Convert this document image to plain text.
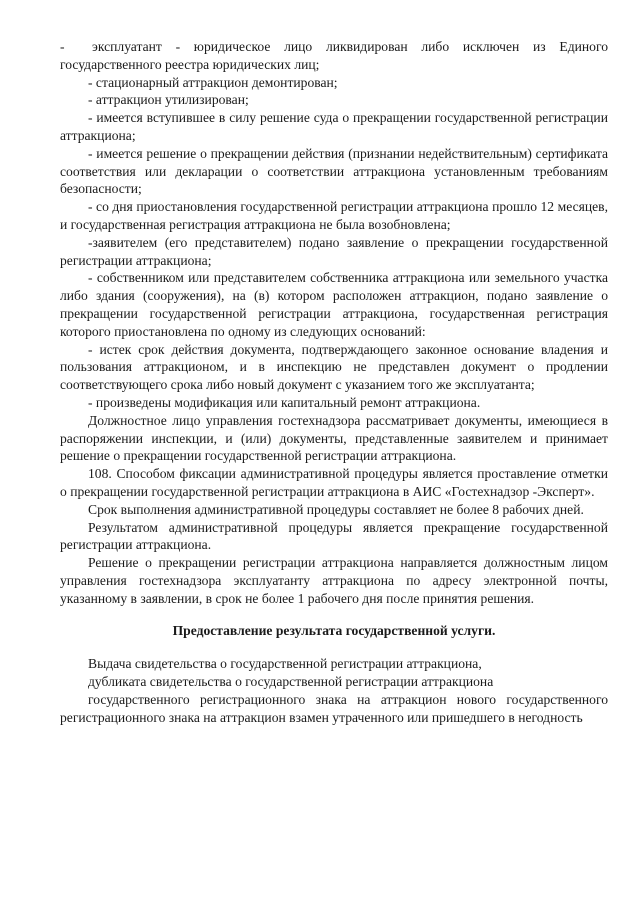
- эксплуатант - юридическое лицо ликвидирован либо исключен из Единого государственного реестра юридических лиц;

- стационарный аттракцион демонтирован;

- аттракцион утилизирован;

- имеется вступившее в силу решение суда о прекращении государственной регистрации аттракциона;

- имеется решение о прекращении действия (признании недействительным) сертификата соответствия или декларации о соответствии аттракциона установленным требованиям безопасности;

- со дня приостановления государственной регистрации аттракциона прошло 12 месяцев, и государственная регистрация аттракциона не была возобновлена;

-заявителем (его представителем) подано заявление о прекращении государственной регистрации аттракциона;

- собственником или представителем собственника аттракциона или земельного участка либо здания (сооружения), на (в) котором расположен аттракцион, подано заявление о прекращении государственной регистрации аттракциона, государственная регистрация которого приостановлена по одному из следующих оснований:

- истек срок действия документа, подтверждающего законное основание владения и пользования аттракционом, и в инспекцию не представлен документ о продлении соответствующего срока либо новый документ с указанием того же эксплуатанта;

- произведены модификация или капитальный ремонт аттракциона.

Должностное лицо управления гостехнадзора рассматривает документы, имеющиеся в распоряжении инспекции, и (или) документы, представленные заявителем и принимает решение о прекращении государственной регистрации аттракциона.

108. Способом фиксации административной процедуры является проставление отметки о прекращении государственной регистрации аттракциона в АИС «Гостехнадзор -Эксперт».

Срок выполнения административной процедуры составляет не более 8 рабочих дней.

Результатом административной процедуры является прекращение государственной регистрации аттракциона.

Решение о прекращении регистрации аттракциона направляется должностным лицом управления гостехнадзора эксплуатанту аттракциона по адресу электронной почты, указанному в заявлении, в срок не более 1 рабочего дня после принятия решения.

Предоставление результата государственной услуги.

Выдача свидетельства о государственной регистрации аттракциона,

дубликата свидетельства о государственной регистрации аттракциона

государственного регистрационного знака на аттракцион нового государственного регистрационного знака на аттракцион взамен утраченного или пришедшего в негодность
